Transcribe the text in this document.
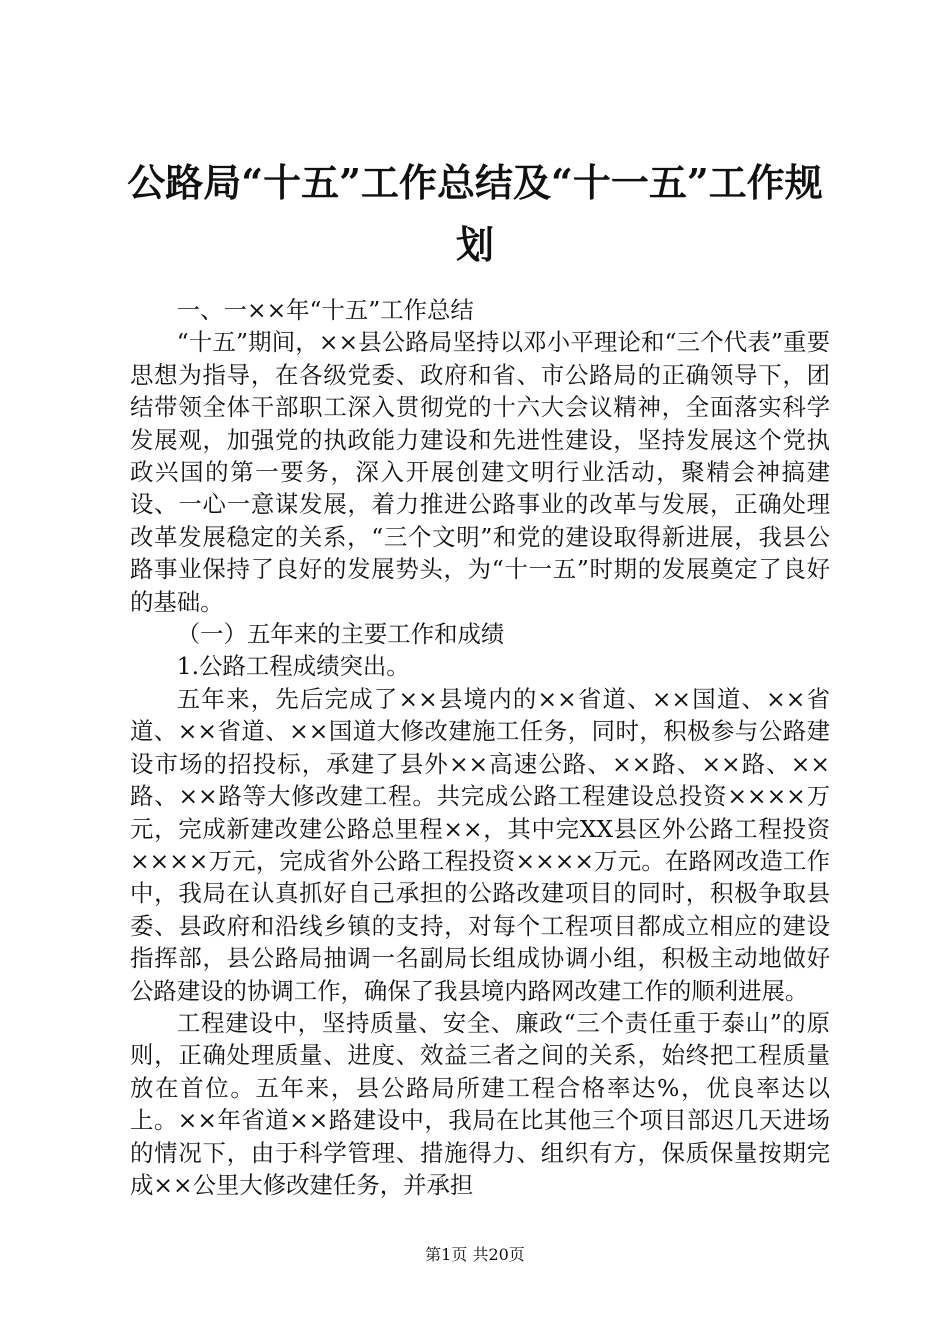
公路局“十五”工作总结及“十一五”工作规划

一、一××年“十五”工作总结

“十五”期间，××县公路局坚持以邓小平理论和“三个代表”重要思想为指导，在各级党委、政府和省、市公路局的正确领导下，团结带领全体干部职工深入贯彻党的十六大会议精神，全面落实科学发展观，加强党的执政能力建设和先进性建设，坚持发展这个党执政兴国的第一要务，深入开展创建文明行业活动，聚精会神搞建设、一心一意谋发展，着力推进公路事业的改革与发展，正确处理改革发展稳定的关系，“三个文明”和党的建设取得新进展，我县公路事业保持了良好的发展势头，为“十一五”时期的发展奠定了良好的基础。

（一）五年来的主要工作和成绩

1.公路工程成绩突出。

五年来，先后完成了××县境内的××省道、××国道、××省道、××省道、××国道大修改建施工任务，同时，积极参与公路建设市场的招投标，承建了县外××高速公路、××路、××路、××路、××路等大修改建工程。共完成公路工程建设总投资××××万元，完成新建改建公路总里程××，其中完XX县区外公路工程投资××××万元，完成省外公路工程投资××××万元。在路网改造工作中，我局在认真抓好自己承担的公路改建项目的同时，积极争取县委、县政府和沿线乡镇的支持，对每个工程项目都成立相应的建设指挥部，县公路局抽调一名副局长组成协调小组，积极主动地做好公路建设的协调工作，确保了我县境内路网改建工作的顺利进展。

工程建设中，坚持质量、安全、廉政“三个责任重于泰山”的原则，正确处理质量、进度、效益三者之间的关系，始终把工程质量放在首位。五年来，县公路局所建工程合格率达%，优良率达以上。××年省道××路建设中，我局在比其他三个项目部迟几天进场的情况下，由于科学管理、措施得力、组织有方，保质保量按期完成××公里大修改建任务，并承担

第1页 共20页
